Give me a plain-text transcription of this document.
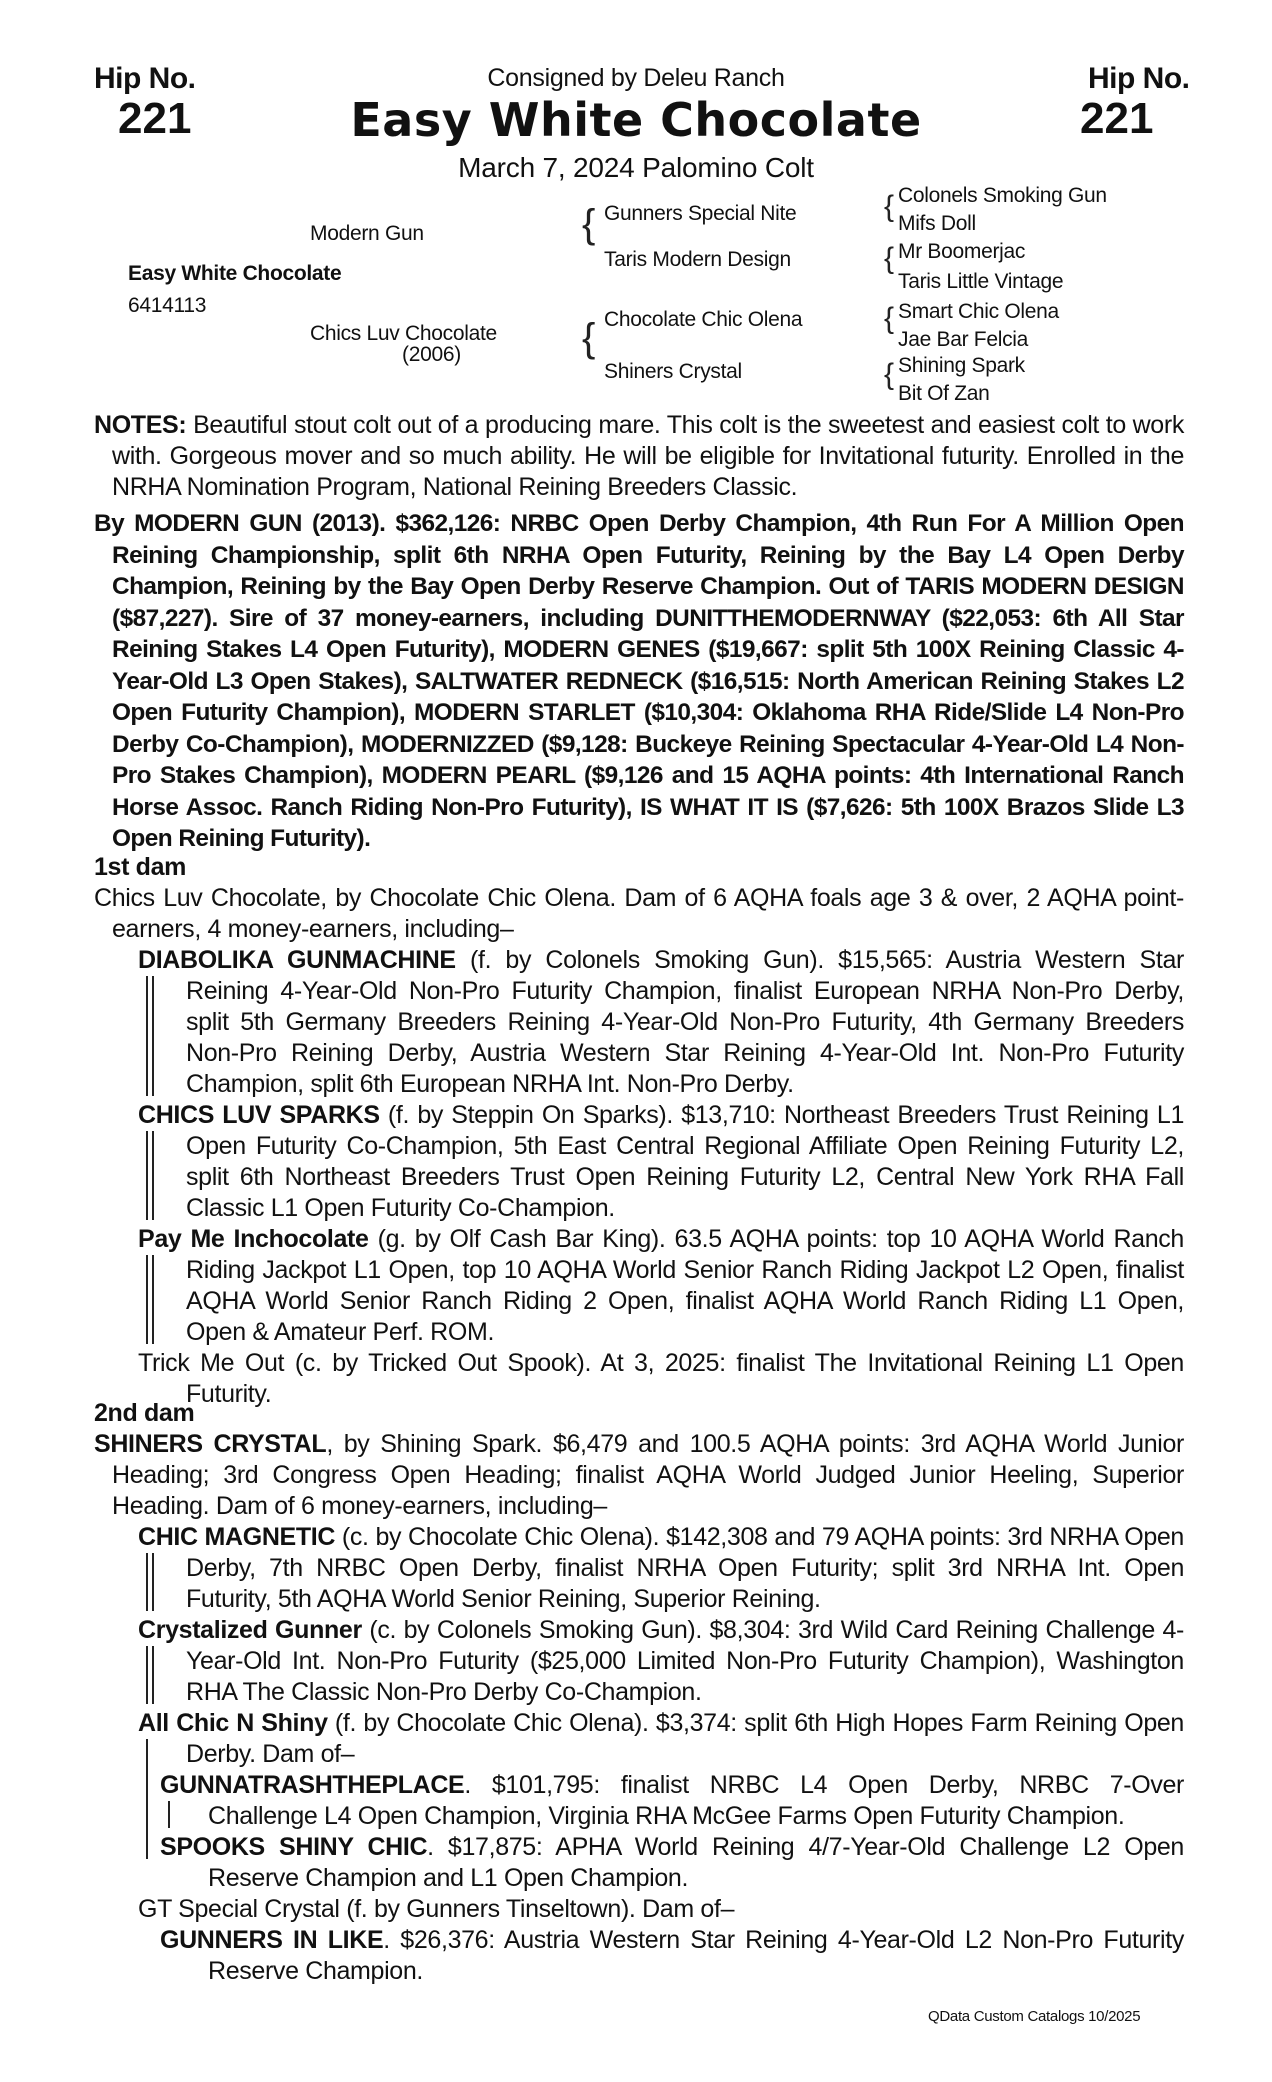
Hip No.
221
Hip No.
221
Consigned by Deleu Ranch
Easy White Chocolate
March 7, 2024 Palomino Colt
Easy White Chocolate
6414113
Modern Gun
Chics Luv Chocolate
(2006)
{ Gunners Special Nite
Taris Modern Design
{ Chocolate Chic Olena
Shiners Crystal
{ Colonels Smoking Gun
Mifs Doll
{ Mr Boomerjac
Taris Little Vintage
{ Smart Chic Olena
Jae Bar Felcia
{ Shining Spark
Bit Of Zan

NOTES: Beautiful stout colt out of a producing mare. This colt is the sweetest and easiest colt to work with. Gorgeous mover and so much ability. He will be eligible for Invitational futurity. Enrolled in the NRHA Nomination Program, National Reining Breeders Classic.

By MODERN GUN (2013). $362,126: NRBC Open Derby Champion, 4th Run For A Million Open Reining Championship, split 6th NRHA Open Futurity, Reining by the Bay L4 Open Derby Champion, Reining by the Bay Open Derby Reserve Champion. Out of TARIS MODERN DESIGN ($87,227). Sire of 37 money-earners, including DUNITTHEMODERNWAY ($22,053: 6th All Star Reining Stakes L4 Open Futurity), MODERN GENES ($19,667: split 5th 100X Reining Classic 4-Year-Old L3 Open Stakes), SALTWATER REDNECK ($16,515: North American Reining Stakes L2 Open Futurity Champion), MODERN STARLET ($10,304: Oklahoma RHA Ride/Slide L4 Non-Pro Derby Co-Champion), MODERNIZZED ($9,128: Buckeye Reining Spectacular 4-Year-Old L4 Non-Pro Stakes Champion), MODERN PEARL ($9,126 and 15 AQHA points: 4th International Ranch Horse Assoc. Ranch Riding Non-Pro Futurity), IS WHAT IT IS ($7,626: 5th 100X Brazos Slide L3 Open Reining Futurity).

1st dam

Chics Luv Chocolate, by Chocolate Chic Olena. Dam of 6 AQHA foals age 3 & over, 2 AQHA point-earners, 4 money-earners, including–

DIABOLIKA GUNMACHINE (f. by Colonels Smoking Gun). $15,565: Austria Western Star Reining 4-Year-Old Non-Pro Futurity Champion, finalist European NRHA Non-Pro Derby, split 5th Germany Breeders Reining 4-Year-Old Non-Pro Futurity, 4th Germany Breeders Non-Pro Reining Derby, Austria Western Star Reining 4-Year-Old Int. Non-Pro Futurity Champion, split 6th European NRHA Int. Non-Pro Derby.

CHICS LUV SPARKS (f. by Steppin On Sparks). $13,710: Northeast Breeders Trust Reining L1 Open Futurity Co-Champion, 5th East Central Regional Affiliate Open Reining Futurity L2, split 6th Northeast Breeders Trust Open Reining Futurity L2, Central New York RHA Fall Classic L1 Open Futurity Co-Champion.

Pay Me Inchocolate (g. by Olf Cash Bar King). 63.5 AQHA points: top 10 AQHA World Ranch Riding Jackpot L1 Open, top 10 AQHA World Senior Ranch Riding Jackpot L2 Open, finalist AQHA World Senior Ranch Riding 2 Open, finalist AQHA World Ranch Riding L1 Open, Open & Amateur Perf. ROM.

Trick Me Out (c. by Tricked Out Spook). At 3, 2025: finalist The Invitational Reining L1 Open Futurity.

2nd dam

SHINERS CRYSTAL, by Shining Spark. $6,479 and 100.5 AQHA points: 3rd AQHA World Junior Heading; 3rd Congress Open Heading; finalist AQHA World Judged Junior Heeling, Superior Heading. Dam of 6 money-earners, including–

CHIC MAGNETIC (c. by Chocolate Chic Olena). $142,308 and 79 AQHA points: 3rd NRHA Open Derby, 7th NRBC Open Derby, finalist NRHA Open Futurity; split 3rd NRHA Int. Open Futurity, 5th AQHA World Senior Reining, Superior Reining.

Crystalized Gunner (c. by Colonels Smoking Gun). $8,304: 3rd Wild Card Reining Challenge 4-Year-Old Int. Non-Pro Futurity ($25,000 Limited Non-Pro Futurity Champion), Washington RHA The Classic Non-Pro Derby Co-Champion.

All Chic N Shiny (f. by Chocolate Chic Olena). $3,374: split 6th High Hopes Farm Reining Open Derby. Dam of–

GUNNATRASHTHEPLACE. $101,795: finalist NRBC L4 Open Derby, NRBC 7-Over Challenge L4 Open Champion, Virginia RHA McGee Farms Open Futurity Champion.

SPOOKS SHINY CHIC. $17,875: APHA World Reining 4/7-Year-Old Challenge L2 Open Reserve Champion and L1 Open Champion.

GT Special Crystal (f. by Gunners Tinseltown). Dam of–

GUNNERS IN LIKE. $26,376: Austria Western Star Reining 4-Year-Old L2 Non-Pro Futurity Reserve Champion.

QData Custom Catalogs 10/2025
